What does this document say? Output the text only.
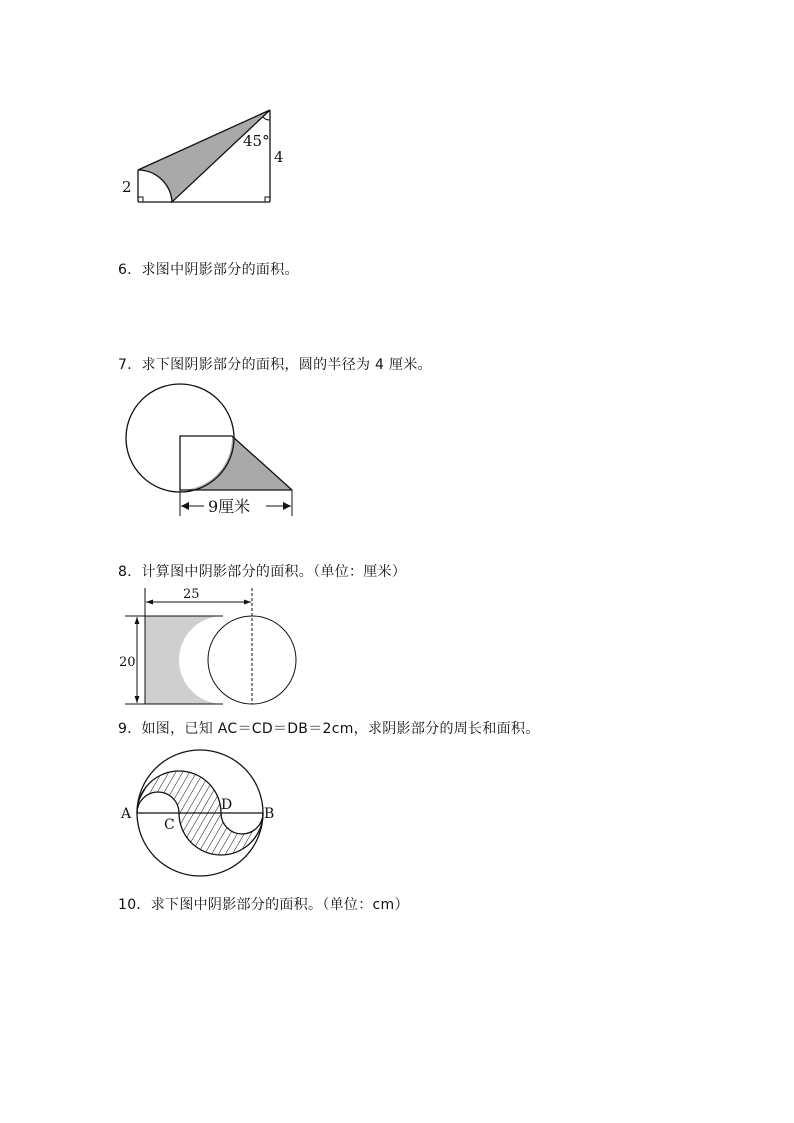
45°
4
2
6．求图中阴影部分的面积。
7．求下图阴影部分的面积，圆的半径为 4 厘米。
9厘米
8．计算图中阴影部分的面积。（单位：厘米）
25
20
9．如图，已知 AC＝CD＝DB＝2cm，求阴影部分的周长和面积。
A	B
C
D
10．求下图中阴影部分的面积。（单位：cm）
